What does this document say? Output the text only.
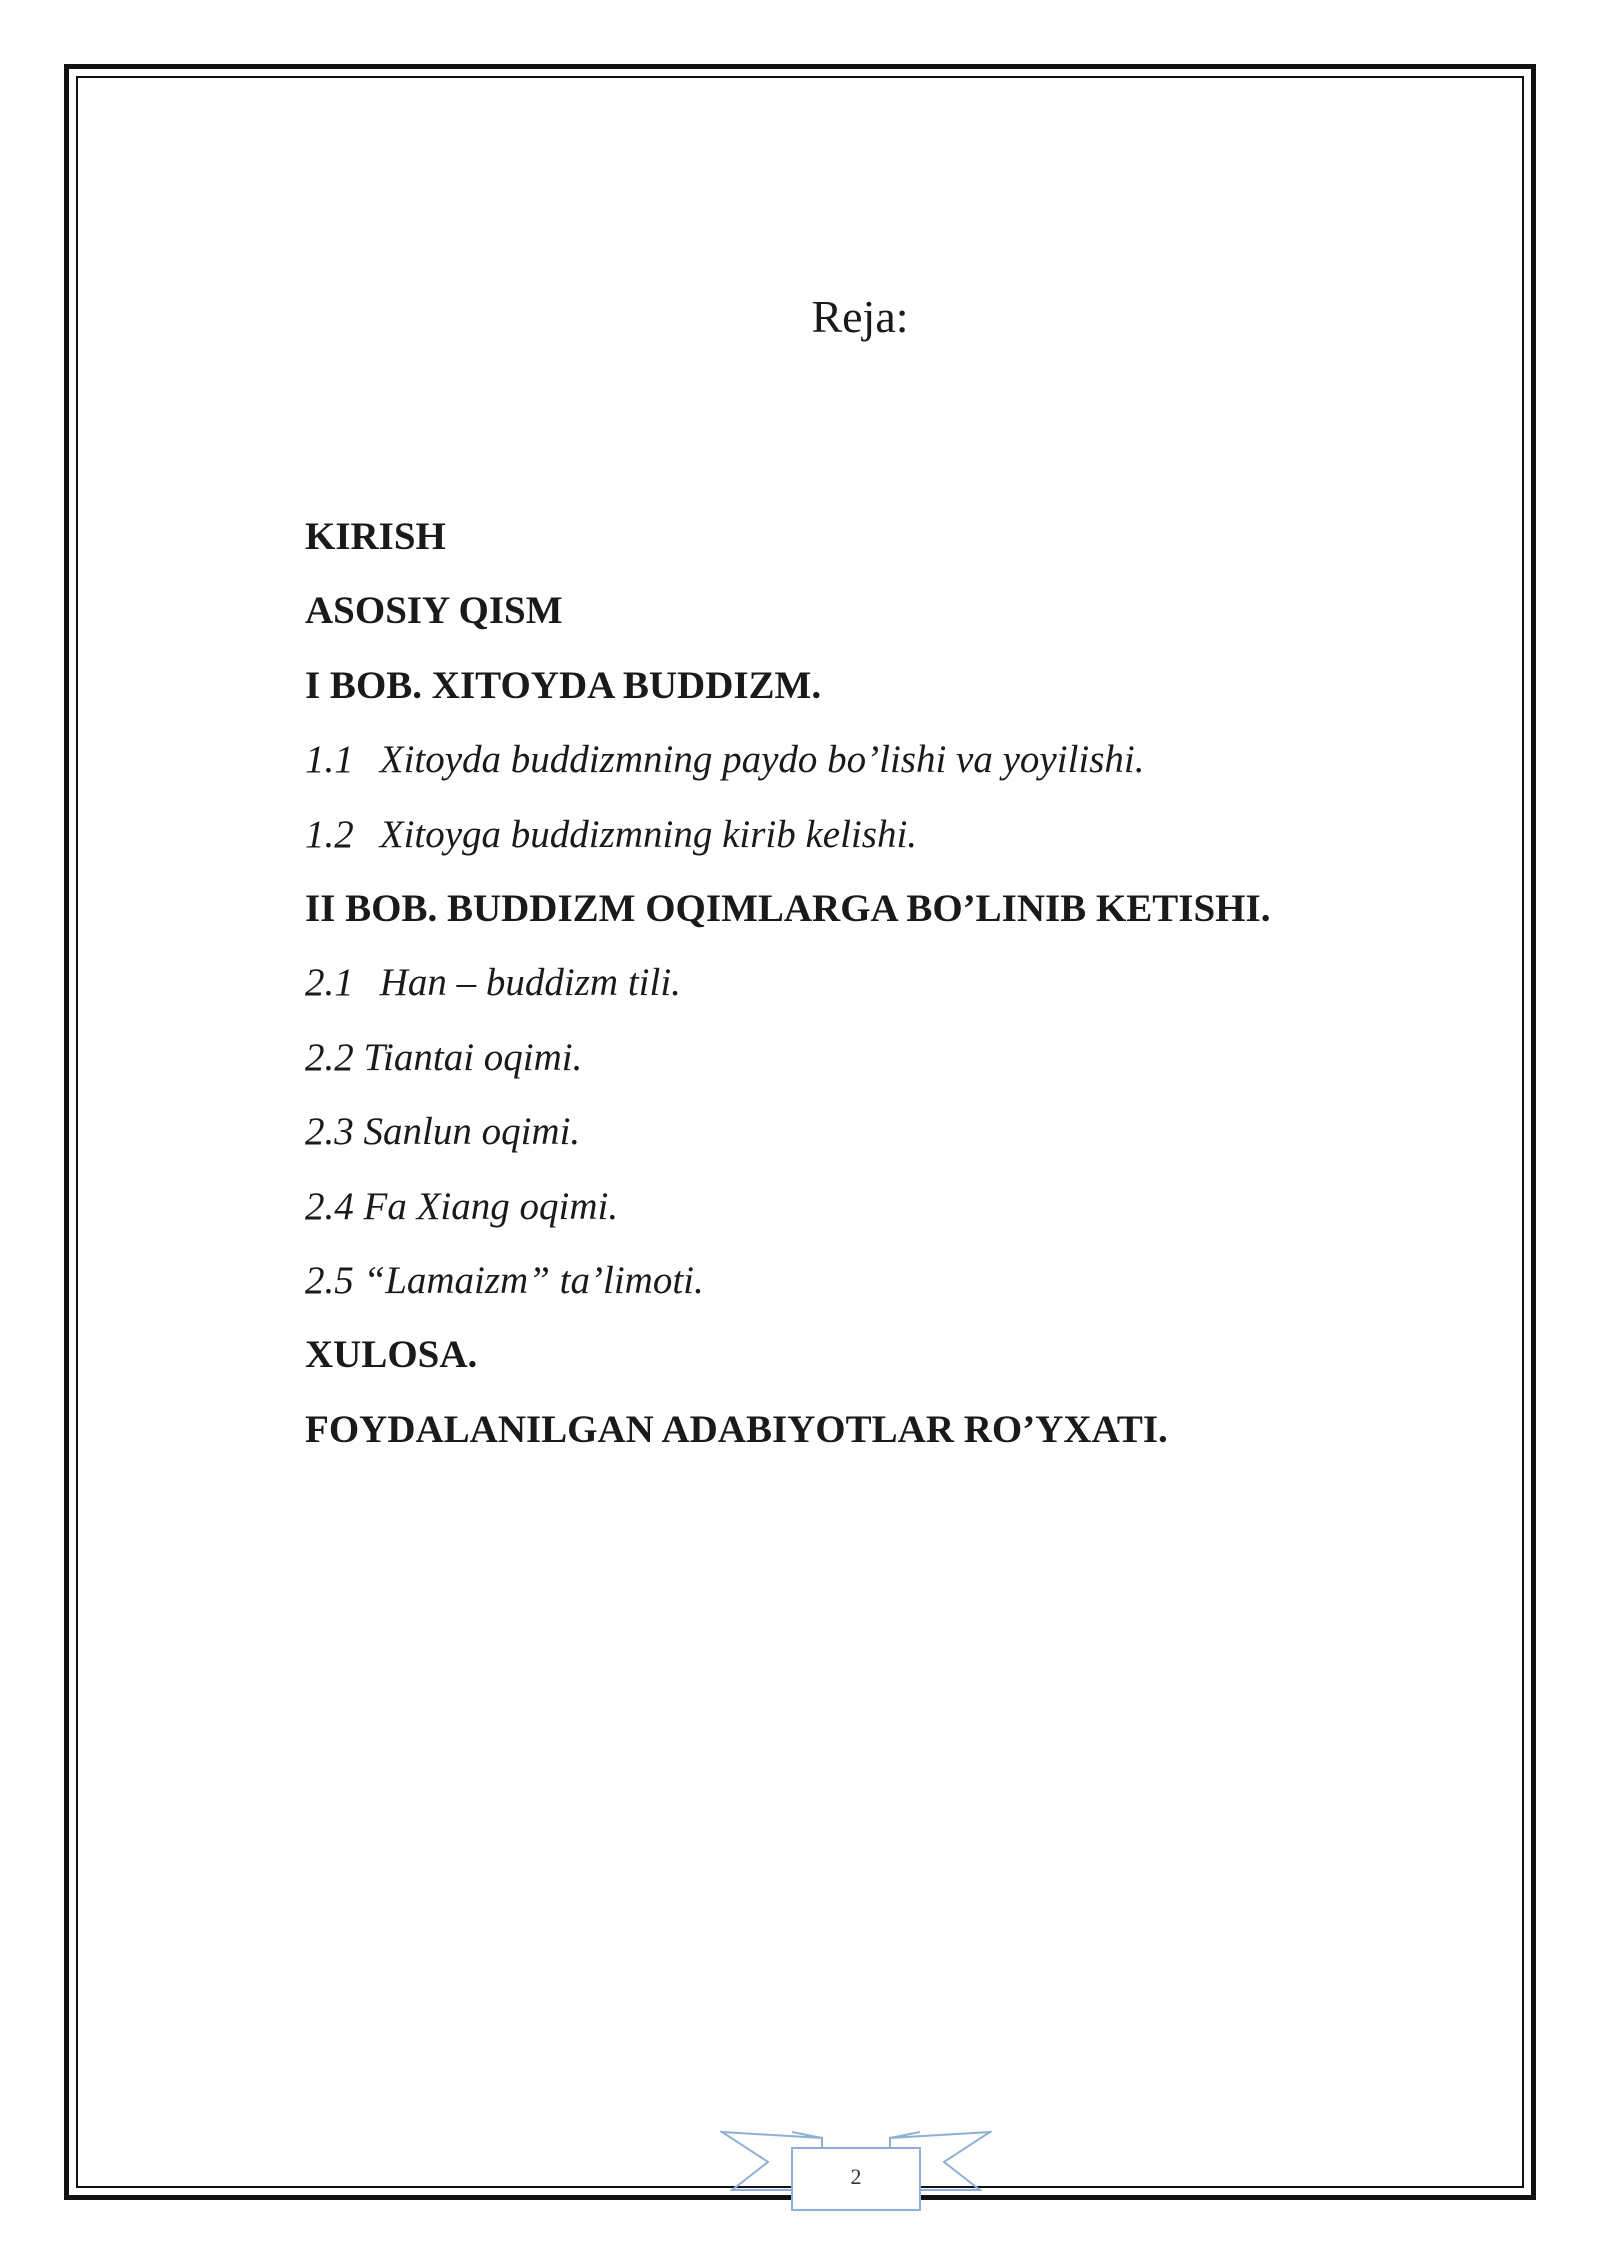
Reja:
KIRISH
ASOSIY QISM
I BOB. XITOYDA BUDDIZM.
1.1 Xitoyda buddizmning paydo bo’lishi va yoyilishi.
1.2 Xitoyga buddizmning kirib kelishi.
II BOB. BUDDIZM OQIMLARGA BO’LINIB KETISHI.
2.1 Han – buddizm tili.
2.2 Tiantai oqimi.
2.3 Sanlun oqimi.
2.4 Fa Xiang oqimi.
2.5 “Lamaizm” ta’limoti.
XULOSA.
FOYDALANILGAN ADABIYOTLAR RO’YXATI.
2
